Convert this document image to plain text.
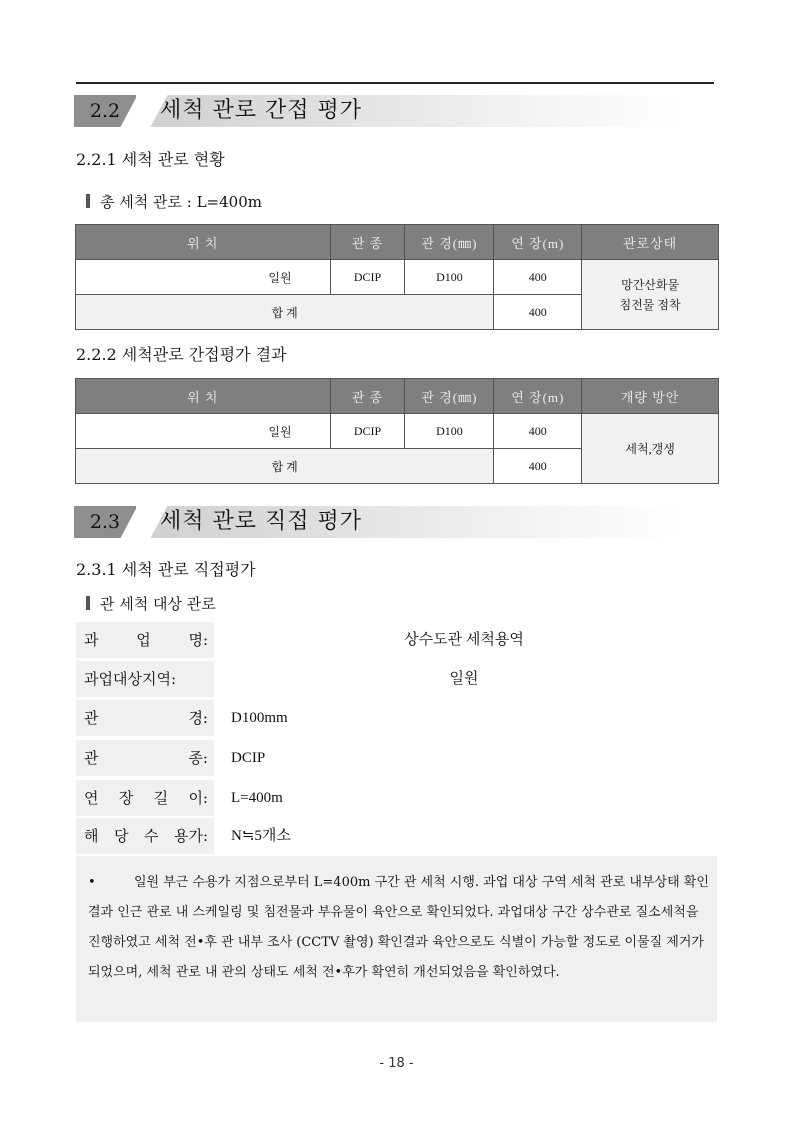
2.2	세척 관로 간접 평가
2.2.1 세척 관로 현황
총 세척 관로 : L=400m
위 치	관 종	관 경(㎜)	연 장(m)	관로상태
일원	DCIP	D100	400	망간산화물
침전물 점착
합 계			400	
2.2.2 세척관로 간접평가 결과
위 치	관 종	관 경(㎜)	연 장(m)	개량 방안
일원	DCIP	D100	400	세척,갱생
합 계			400	
2.3	세척 관로 직접 평가
2.3.1 세척 관로 직접평가
관 세척 대상 관로
과 업 명:	상수도관 세척용역
과업대상지역:	일원
관 경:	D100mm
관 종:	DCIP
연 장 길 이:	L=400m
해 당 수 용가:	N≒5개소
•	일원 부근 수용가 지점으로부터 L=400m 구간 관 세척 시행. 과업 대상 구역 세척 관로 내부상태 확인 결과 인근 관로 내 스케일링 및 침전물과 부유물이 육안으로 확인되었다. 과업대상 구간 상수관로 질소세척을 진행하였고 세척 전•후 관 내부 조사 (CCTV 촬영) 확인결과 육안으로도 식별이 가능할 정도로 이물질 제거가 되었으며, 세척 관로 내 관의 상태도 세척 전•후가 확연히 개선되었음을 확인하였다.
- 18 -
